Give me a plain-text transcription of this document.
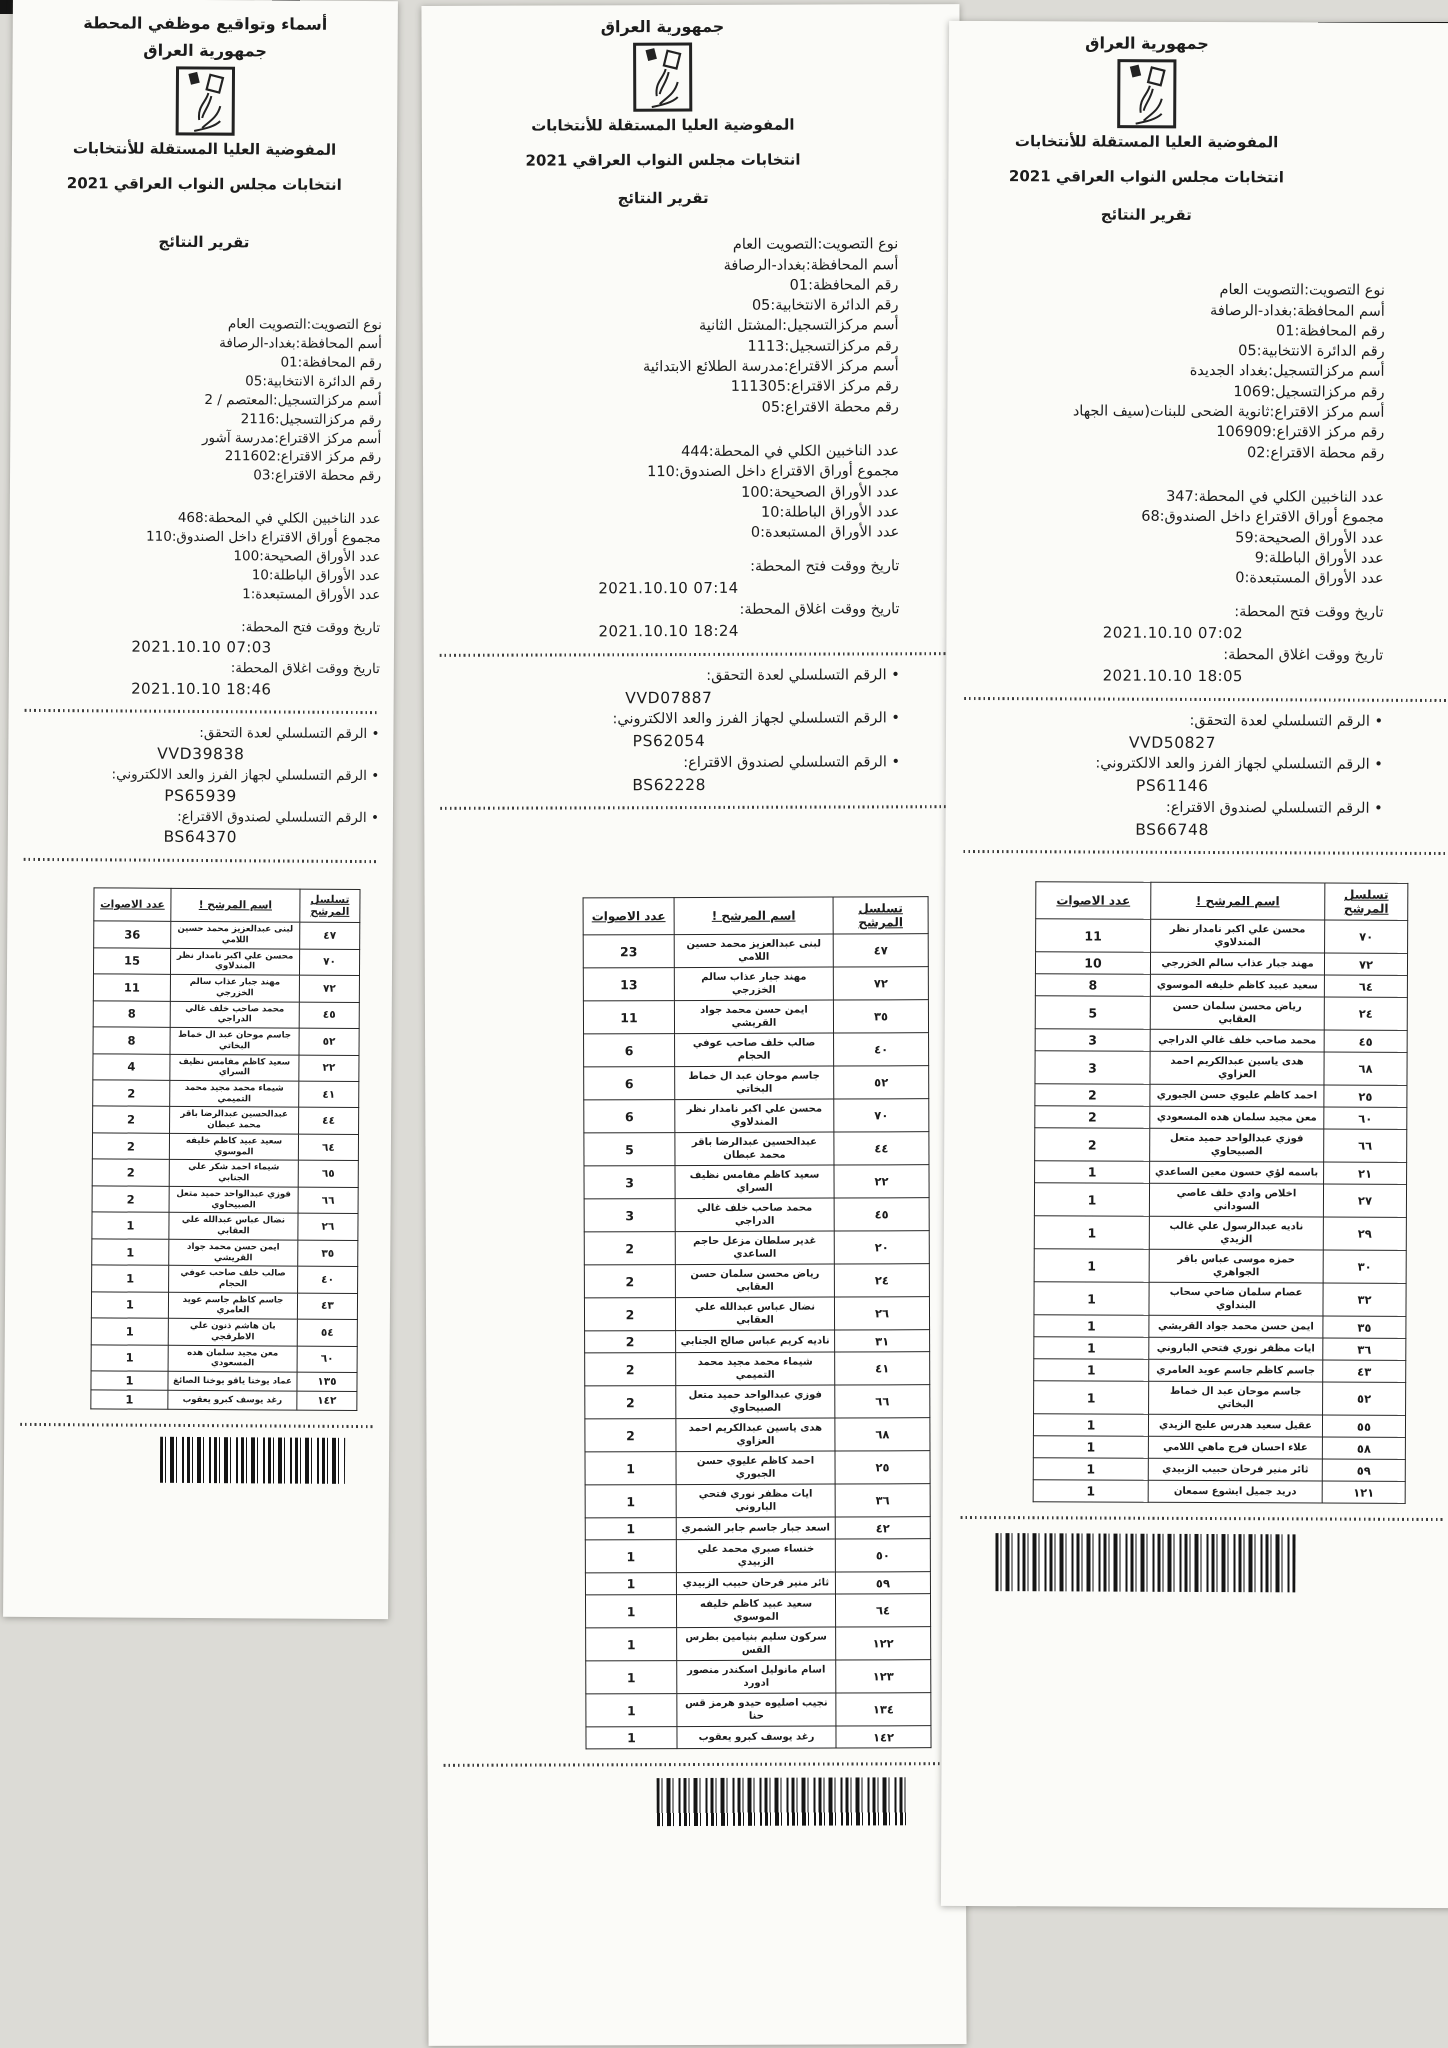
أسماء وتواقيع موظفي المحطة
جمهورية العراق
المفوضية العليا المستقلة للأنتخابات
انتخابات مجلس النواب العراقي 2021
تقرير النتائج
نوع التصويت:التصويت العام
أسم المحافظة:بغداد-الرصافة
رقم المحافظة:01
رقم الدائرة الانتخابية:05
أسم مركزالتسجيل:المعتصم / 2
رقم مركزالتسجيل:2116
أسم مركز الاقتراع:مدرسة آشور
رقم مركز الاقتراع:211602
رقم محطة الاقتراع:03
عدد الناخبين الكلي في المحطة:468
مجموع أوراق الاقتراع داخل الصندوق:110
عدد الأوراق الصحيحة:100
عدد الأوراق الباطلة:10
عدد الأوراق المستبعدة:1
تاريخ ووقت فتح المحطة:
2021.10.10 07:03
تاريخ ووقت اغلاق المحطة:
2021.10.10 18:46
• الرقم التسلسلي لعدة التحقق:
VVD39838
• الرقم التسلسلي لجهاز الفرز والعد الالكتروني:
PS65939
• الرقم التسلسلي لصندوق الاقتراع:
BS64370
تسلسل المرشح	اسم المرشح !	عدد الاصوات
٤٧	لبنى عبدالعزيز محمد حسين اللامي	36
٧٠	محسن علي اكبر نامدار نظر المندلاوي	15
٧٢	مهند جبار عذاب سالم الخزرجي	11
٤٥	محمد صاحب خلف غالي الدراجي	8
٥٢	جاسم موحان عبد ال خماط البخاتي	8
٢٢	سعيد كاظم مفامس نظيف السراي	4
٤١	شيماء محمد مجيد محمد التميمي	2
٤٤	عبدالحسين عبدالرضا باقر محمد عبطان	2
٦٤	سعيد عبيد كاظم خليفه الموسوي	2
٦٥	شيماء احمد شكر علي الجنابي	2
٦٦	فوزي عبدالواحد حميد متعل الصبيحاوي	2
٢٦	نضال عباس عبدالله علي العقابي	1
٣٥	ايمن حسن محمد جواد القريشي	1
٤٠	صالب خلف صاحب عوفي الحجام	1
٤٣	جاسم كاظم جاسم عويد العامري	1
٥٤	بان هاشم ذنون علي الاطرقجي	1
٦٠	معن مجيد سلمان هده المسعودي	1
١٣٥	عماد يوخنا ياقو يوخنا الصائغ	1
١٤٢	رغد يوسف كبرو يعقوب	1
جمهورية العراق
المفوضية العليا المستقلة للأنتخابات
انتخابات مجلس النواب العراقي 2021
تقرير النتائج
نوع التصويت:التصويت العام
أسم المحافظة:بغداد-الرصافة
رقم المحافظة:01
رقم الدائرة الانتخابية:05
أسم مركزالتسجيل:المشتل الثانية
رقم مركزالتسجيل:1113
أسم مركز الاقتراع:مدرسة الطلائع الابتدائية
رقم مركز الاقتراع:111305
رقم محطة الاقتراع:05
عدد الناخبين الكلي في المحطة:444
مجموع أوراق الاقتراع داخل الصندوق:110
عدد الأوراق الصحيحة:100
عدد الأوراق الباطلة:10
عدد الأوراق المستبعدة:0
تاريخ ووقت فتح المحطة:
2021.10.10 07:14
تاريخ ووقت اغلاق المحطة:
2021.10.10 18:24
• الرقم التسلسلي لعدة التحقق:
VVD07887
• الرقم التسلسلي لجهاز الفرز والعد الالكتروني:
PS62054
• الرقم التسلسلي لصندوق الاقتراع:
BS62228
تسلسل المرشح	اسم المرشح !	عدد الاصوات
٤٧	لبنى عبدالعزيز محمد حسين اللامي	23
٧٢	مهند جبار عذاب سالم الخزرجي	13
٣٥	ايمن حسن محمد جواد القريشي	11
٤٠	صالب خلف صاحب عوفي الحجام	6
٥٢	جاسم موحان عبد ال خماط البخاتي	6
٧٠	محسن علي اكبر نامدار نظر المندلاوي	6
٤٤	عبدالحسين عبدالرضا باقر محمد عبطان	5
٢٢	سعيد كاظم مفامس نظيف السراي	3
٤٥	محمد صاحب خلف غالي الدراجي	3
٢٠	غدير سلطان مزعل حاجم الساعدي	2
٢٤	رياض محسن سلمان حسن العقابي	2
٢٦	نضال عباس عبدالله علي العقابي	2
٣١	ناديه كريم عباس صالح الجنابي	2
٤١	شيماء محمد مجيد محمد التميمي	2
٦٦	فوزي عبدالواحد حميد متعل الصبيحاوي	2
٦٨	هدى ياسين عبدالكريم احمد العزاوي	2
٢٥	احمد كاظم عليوي حسن الجبوري	1
٣٦	ايات مظفر نوري فتحي الباروني	1
٤٢	اسعد جبار جاسم جابر الشمري	1
٥٠	خنساء صبري محمد علي الزبيدي	1
٥٩	ثائر منير فرحان حبيب الزبيدي	1
٦٤	سعيد عبيد كاظم خليفه الموسوي	1
١٢٢	سركون سليم بنيامين بطرس القس	1
١٢٣	اسام مانوليل اسكندر منصور ادورد	1
١٣٤	نجيب اصليوه حيدو هرمز قس حنا	1
١٤٢	رغد يوسف كبرو يعقوب	1
جمهورية العراق
المفوضية العليا المستقلة للأنتخابات
انتخابات مجلس النواب العراقي 2021
تقرير النتائج
نوع التصويت:التصويت العام
أسم المحافظة:بغداد-الرصافة
رقم المحافظة:01
رقم الدائرة الانتخابية:05
أسم مركزالتسجيل:بغداد الجديدة
رقم مركزالتسجيل:1069
أسم مركز الاقتراع:ثانوية الضحى للبنات(سيف الجهاد
رقم مركز الاقتراع:106909
رقم محطة الاقتراع:02
عدد الناخبين الكلي في المحطة:347
مجموع أوراق الاقتراع داخل الصندوق:68
عدد الأوراق الصحيحة:59
عدد الأوراق الباطلة:9
عدد الأوراق المستبعدة:0
تاريخ ووقت فتح المحطة:
2021.10.10 07:02
تاريخ ووقت اغلاق المحطة:
2021.10.10 18:05
• الرقم التسلسلي لعدة التحقق:
VVD50827
• الرقم التسلسلي لجهاز الفرز والعد الالكتروني:
PS61146
• الرقم التسلسلي لصندوق الاقتراع:
BS66748
تسلسل المرشح	اسم المرشح !	عدد الاصوات
٧٠	محسن علي اكبر نامدار نظر المندلاوي	11
٧٢	مهند جبار عذاب سالم الخزرجي	10
٦٤	سعيد عبيد كاظم خليفه الموسوي	8
٢٤	رياض محسن سلمان حسن العقابي	5
٤٥	محمد صاحب خلف غالي الدراجي	3
٦٨	هدى ياسين عبدالكريم احمد العزاوي	3
٢٥	احمد كاظم عليوي حسن الجبوري	2
٦٠	معن مجيد سلمان هده المسعودي	2
٦٦	فوزي عبدالواحد حميد متعل الصبيحاوي	2
٢١	باسمه لؤي حسون معين الساعدي	1
٢٧	اخلاص وادي خلف عاصي السوداني	1
٢٩	ناديه عبدالرسول علي غالب الزيدي	1
٣٠	حمزه موسى عباس باقر الجواهري	1
٣٢	عصام سلمان ضاحي سحاب البنداوي	1
٣٥	ايمن حسن محمد جواد القريشي	1
٣٦	ايات مظفر نوري فتحي الباروني	1
٤٣	جاسم كاظم جاسم عويد العامري	1
٥٢	جاسم موحان عبد ال خماط البخاتي	1
٥٥	عقيل سعيد هدرس عليج الزيدي	1
٥٨	علاء احسان فرج ماهي اللامي	1
٥٩	ثائر منير فرحان حبيب الزبيدي	1
١٢١	دريد جميل ايشوع سمعان	1
